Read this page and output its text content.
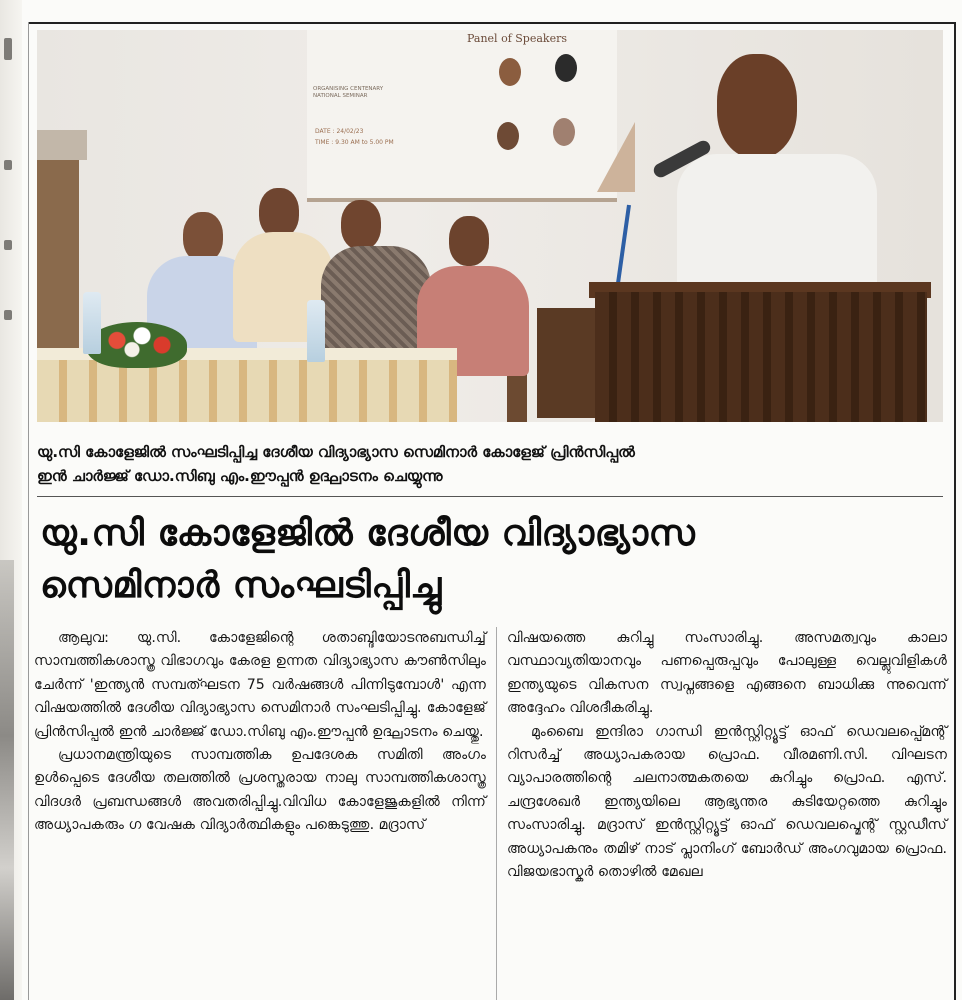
Panel of Speakers
ORGANISING CENTENARY NATIONAL SEMINAR
DATE : 24/02/23
TIME : 9.30 AM to 5.00 PM
യു.സി കോളേജിൽ സംഘടിപ്പിച്ച ദേശീയ വിദ്യാഭ്യാസ സെമിനാർ കോളേജ് പ്രിൻസിപ്പൽ
ഇൻ ചാർജ്ജ് ഡോ.സിബു എം.ഈപ്പൻ ഉദ്ഘാടനം ചെയ്യുന്നു
യു.സി കോളേജിൽ ദേശീയ വിദ്യാഭ്യാസ
സെമിനാർ സംഘടിപ്പിച്ചു

ആലുവ: യു.സി. കോളേജിന്റെ ശതാബ്ദിയോടനുബന്ധിച്ച് സാമ്പത്തികശാസ്ത്ര വിഭാഗവും കേരള ഉന്നത വിദ്യാഭ്യാസ കൗൺസിലും ചേർന്ന് 'ഇന്ത്യൻ സമ്പത്ഘടന 75 വർഷങ്ങൾ പിന്നിടുമ്പോൾ' എന്ന വിഷയത്തിൽ ദേശീയ വിദ്യാഭ്യാസ സെമിനാർ സംഘടിപ്പിച്ചു. കോളേജ് പ്രിൻസിപ്പൽ ഇൻ ചാർജ്ജ് ഡോ.സിബു എം.ഈപ്പൻ ഉദ്ഘാടനം ചെയ്തു.

പ്രധാനമന്ത്രിയുടെ സാമ്പത്തിക ഉപദേശക സമിതി അംഗം ഉൾപ്പെടെ ദേശീയ തലത്തിൽ പ്രശസ്തരായ നാലു സാമ്പത്തികശാസ്ത്ര വിദഗ്ദർ പ്രബന്ധങ്ങൾ അവതരിപ്പിച്ചു.വിവിധ കോളേജുകളിൽ നിന്ന് അധ്യാപകരും ഗ വേഷക വിദ്യാർത്ഥികളും പങ്കെടുത്തു. മദ്രാസ്

വിഷയത്തെ കുറിച്ചു സംസാരിച്ചു. അസമത്വവും കാലാ വസ്ഥാവ്യതിയാനവും പണപ്പെരുപ്പവും പോലുള്ള വെല്ലുവിളികൾ ഇന്ത്യയുടെ വികസന സ്വപ്നങ്ങളെ എങ്ങനെ ബാധിക്കു ന്നുവെന്ന് അദ്ദേഹം വിശദീകരിച്ചു.

മുംബൈ ഇന്ദിരാ ഗാന്ധി ഇൻസ്റ്റിറ്റ്യൂട്ട് ഓഫ് ഡെവലപ്പ്മെന്റ് റിസർച്ച് അധ്യാപകരായ പ്രൊഫ. വീരമണി.സി. വിഘടന വ്യാപാരത്തിന്റെ ചലനാത്മകതയെ കുറിച്ചും പ്രൊഫ. എസ്. ചന്ദ്രശേഖർ ഇന്ത്യയിലെ ആഭ്യന്തര കുടിയേറ്റത്തെ കുറിച്ചും സംസാരിച്ചു. മദ്രാസ് ഇൻസ്റ്റിറ്റ്യൂട്ട് ഓഫ് ഡെവലപ്മെന്റ് സ്റ്റഡീസ് അധ്യാപകനും തമിഴ് നാട് പ്ലാനിംഗ് ബോർഡ് അംഗവുമായ പ്രൊഫ. വിജയഭാസ്കർ തൊഴിൽ മേഖല
